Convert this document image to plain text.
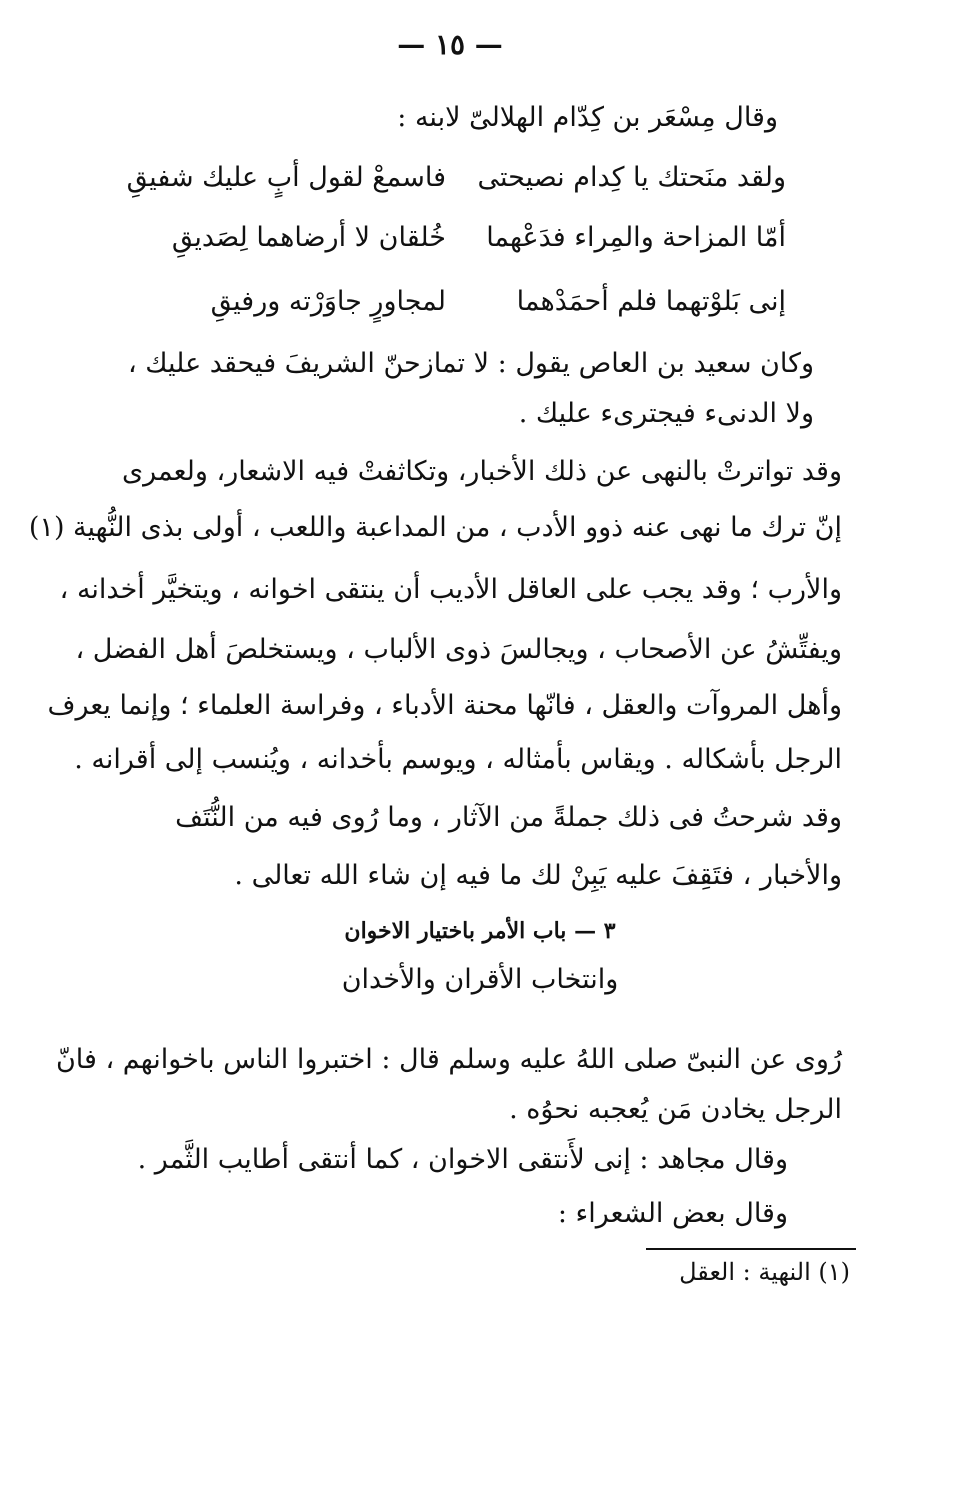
— ١٥ —
وقال مِسْعَر بن كِدّام الهلالىّ لابنه :
ولقد منَحتك يا كِدام نصيحتى
فاسمعْ لقول أبٍ عليك شفيقِ
أمّا المزاحة والمِراء فدَعْهما
خُلقان لا أرضاهما لِصَديقِ
إنى بَلوْتهما فلم أحمَدْهما
لمجاورٍ جاوَرْته ورفيقِ
وكان سعيد بن العاص يقول : لا تمازحنّ الشريفَ فيحقد عليك ،
ولا الدنىء فيجترىء عليك .
وقد تواترتْ بالنهى عن ذلك الأخبار، وتكاثفتْ فيه الاشعار، ولعمرى
إنّ ترك ما نهى عنه ذوو الأدب ، من المداعبة واللعب ، أولى بذى النُّهية (١)
والأرب ؛ وقد يجب على العاقل الأديب أن ينتقى اخوانه ، ويتخيَّر أخدانه ،
ويفتِّشُ عن الأصحاب ، ويجالسَ ذوى الألباب ، ويستخلصَ أهل الفضل ،
وأهل المروآت والعقل ، فانّها محنة الأدباء ، وفراسة العلماء ؛ وإنما يعرف
الرجل بأشكاله . ويقاس بأمثاله ، ويوسم بأخدانه ، ويُنسب إلى أقرانه .
وقد شرحتُ فى ذلك جملةً من الآثار ، وما رُوى فيه من النُّتَف
والأخبار ، فتَقِفَ عليه يَبِنْ لك ما فيه إن شاء الله تعالى .
٣ — باب الأمر باختيار الاخوان
وانتخاب الأقران والأخدان
رُوى عن النبىّ صلى اللهُ عليه وسلم قال : اختبروا الناس باخوانهم ، فانّ
الرجل يخادن مَن يُعجبه نحوُه .
وقال مجاهد : إنى لأَنتقى الاخوان ، كما أنتقى أطايب الثَّمر .
وقال بعض الشعراء :
(١) النهية : العقل
